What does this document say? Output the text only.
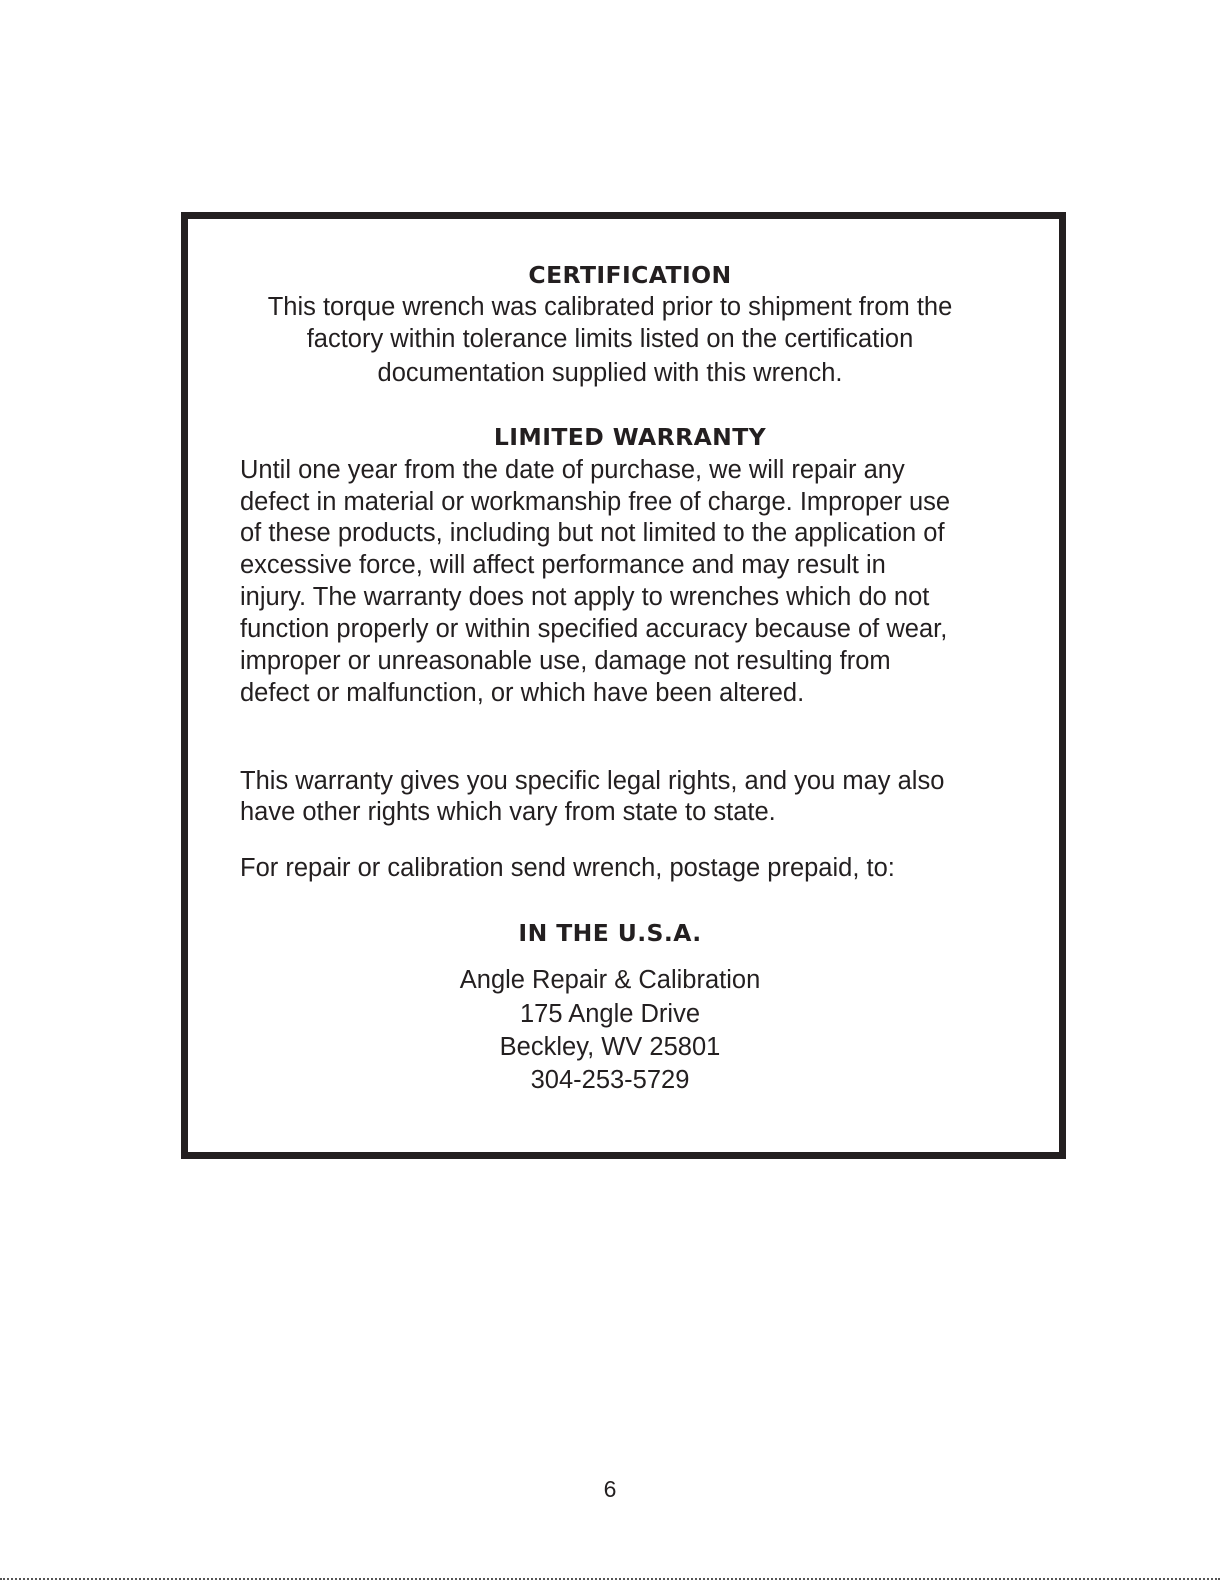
CERTIFICATION
This torque wrench was calibrated prior to shipment from the
factory within tolerance limits listed on the certification
documentation supplied with this wrench.
LIMITED WARRANTY
Until one year from the date of purchase, we will repair any
defect in material or workmanship free of charge. Improper use
of these products, including but not limited to the application of
excessive force, will affect performance and may result in
injury. The warranty does not apply to wrenches which do not
function properly or within specified accuracy because of wear,
improper or unreasonable use, damage not resulting from
defect or malfunction, or which have been altered.
This warranty gives you specific legal rights, and you may also
have other rights which vary from state to state.
For repair or calibration send wrench, postage prepaid, to:
IN THE U.S.A.
Angle Repair & Calibration
175 Angle Drive
Beckley, WV 25801
304-253-5729
6
